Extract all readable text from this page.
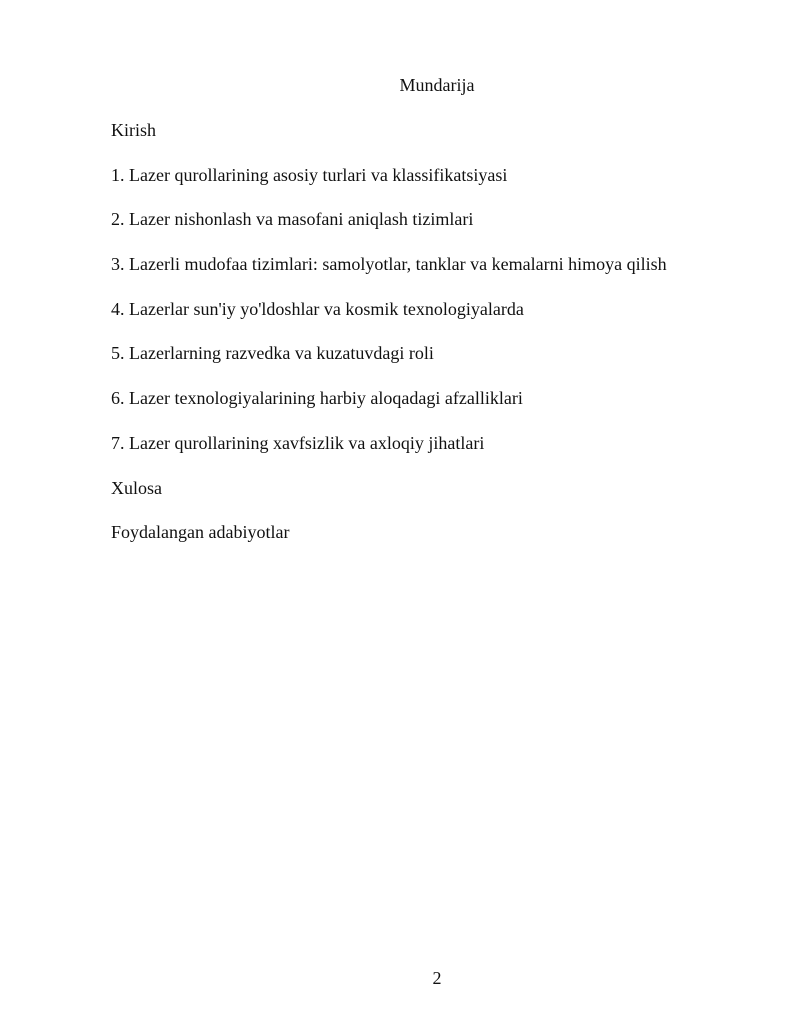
Mundarija
Kirish
1. Lazer qurollarining asosiy turlari va klassifikatsiyasi
2. Lazer nishonlash va masofani aniqlash tizimlari
3. Lazerli mudofaa tizimlari: samolyotlar, tanklar va kemalarni himoya qilish
4. Lazerlar sun'iy yo'ldoshlar va kosmik texnologiyalarda
5. Lazerlarning razvedka va kuzatuvdagi roli
6. Lazer texnologiyalarining harbiy aloqadagi afzalliklari
7. Lazer qurollarining xavfsizlik va axloqiy jihatlari
Xulosa
Foydalangan adabiyotlar
2
